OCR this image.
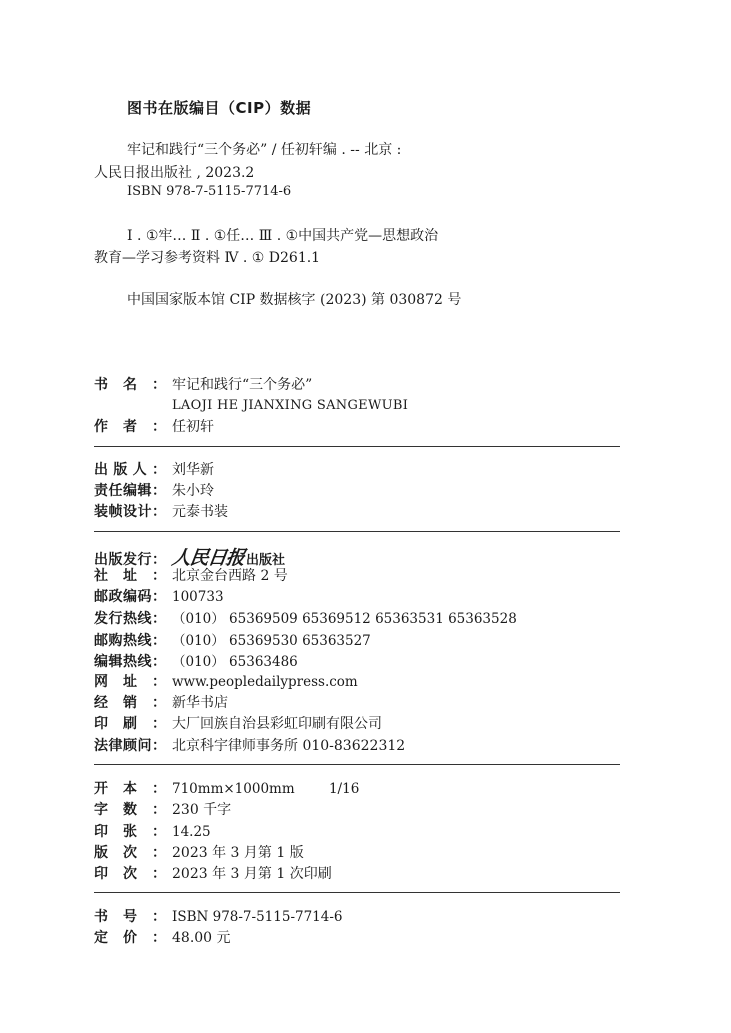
图书在版编目（CIP）数据
牢记和践行“三个务必” / 任初轩编 . -- 北京 :
人民日报出版社 , 2023.2
ISBN 978-7-5115-7714-6
Ⅰ . ①牢… Ⅱ . ①任… Ⅲ . ①中国共产党—思想政治
教育—学习参考资料 Ⅳ . ① D261.1
中国国家版本馆 CIP 数据核字 (2023) 第 030872 号
书名： 牢记和践行“三个务必”
LAOJI HE JIANXING SANGEWUBI
作者： 任初轩
出版人： 刘华新
责任编辑： 朱小玲
装帧设计： 元泰书装
出版发行： 人民日报 出版社
社址： 北京金台西路 2 号
邮政编码： 100733
发行热线： （010） 65369509 65369512 65363531 65363528
邮购热线： （010） 65369530 65363527
编辑热线： （010） 65363486
网址： www.peopledailypress.com
经销： 新华书店
印刷： 大厂回族自治县彩虹印刷有限公司
法律顾问： 北京科宇律师事务所 010-83622312
开本： 710mm×1000mm        1/16
字数： 230 千字
印张： 14.25
版次： 2023 年 3 月第 1 版
印次： 2023 年 3 月第 1 次印刷
书号： ISBN 978-7-5115-7714-6
定价： 48.00 元
